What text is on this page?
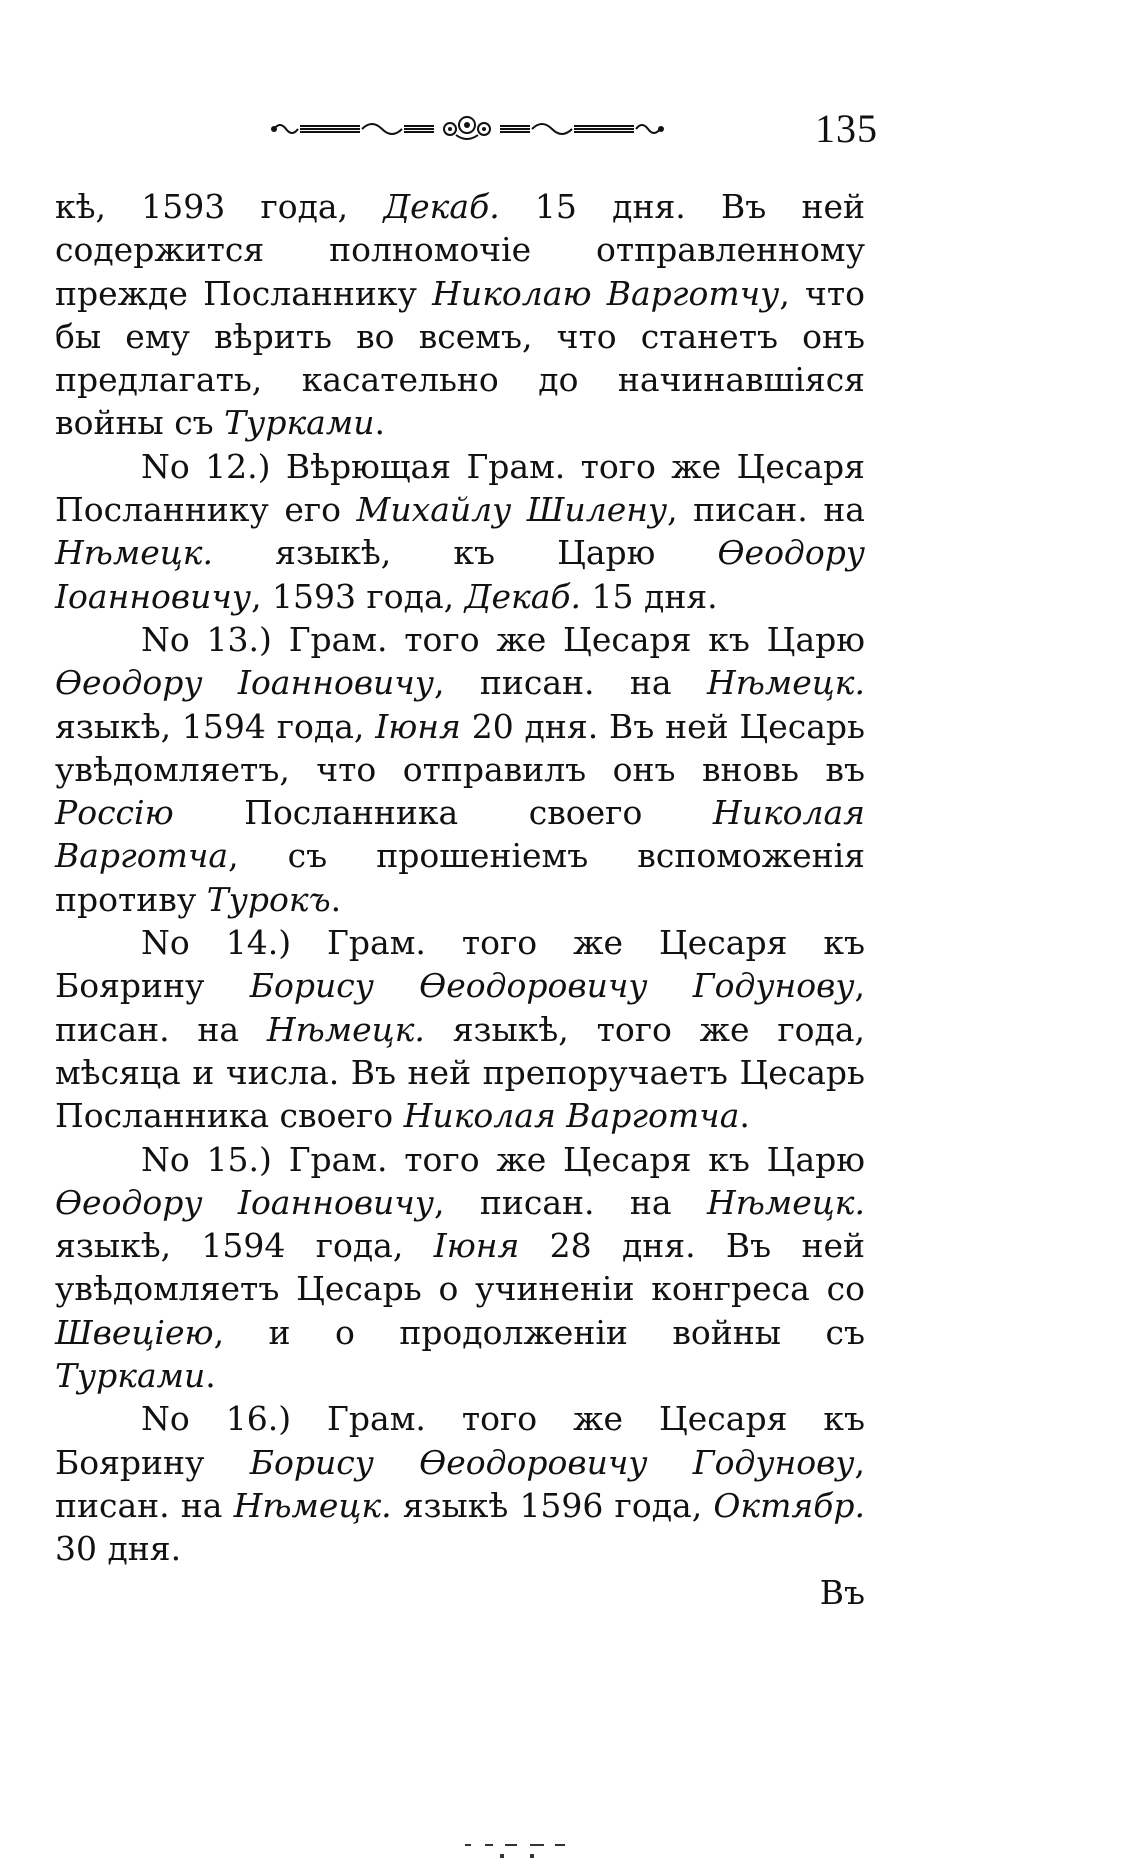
135

кѣ, 1593 года, Декаб. 15 дня. Въ ней содержится полномочіе отправленному прежде Посланнику Николаю Варготчу, что бы ему вѣрить во всемъ, что станетъ онъ предлагать, касательно до начинавшіяся войны съ Турками.

No 12.) Вѣрющая Грам. того же Цесаря Посланнику его Михайлу Шилену, писан. на Нѣмецк. языкѣ, къ Царю Ѳеодору Іоанновичу, 1593 года, Декаб. 15 дня.

No 13.) Грам. того же Цесаря къ Царю Ѳеодору Іоанновичу, писан. на Нѣмецк. языкѣ, 1594 года, Іюня 20 дня. Въ ней Цесарь увѣдомляетъ, что отправилъ онъ вновь въ Россію Посланника своего Николая Варготча, съ прошеніемъ вспоможенія противу Турокъ.

No 14.) Грам. того же Цесаря къ Боярину Борису Ѳеодоровичу Годунову, писан. на Нѣмецк. языкѣ, того же года, мѣсяца и числа. Въ ней препоручаетъ Цесарь Посланника своего Николая Варготча.

No 15.) Грам. того же Цесаря къ Царю Ѳеодору Іоанновичу, писан. на Нѣмецк. языкѣ, 1594 года, Іюня 28 дня. Въ ней увѣдомляетъ Цесарь о учиненіи конгреса со Швеціею, и о продолженіи войны съ Турками.

No 16.) Грам. того же Цесаря къ Боярину Борису Ѳеодоровичу Годунову, писан. на Нѣмецк. языкѣ 1596 года, Октябр. 30 дня.

Въ
